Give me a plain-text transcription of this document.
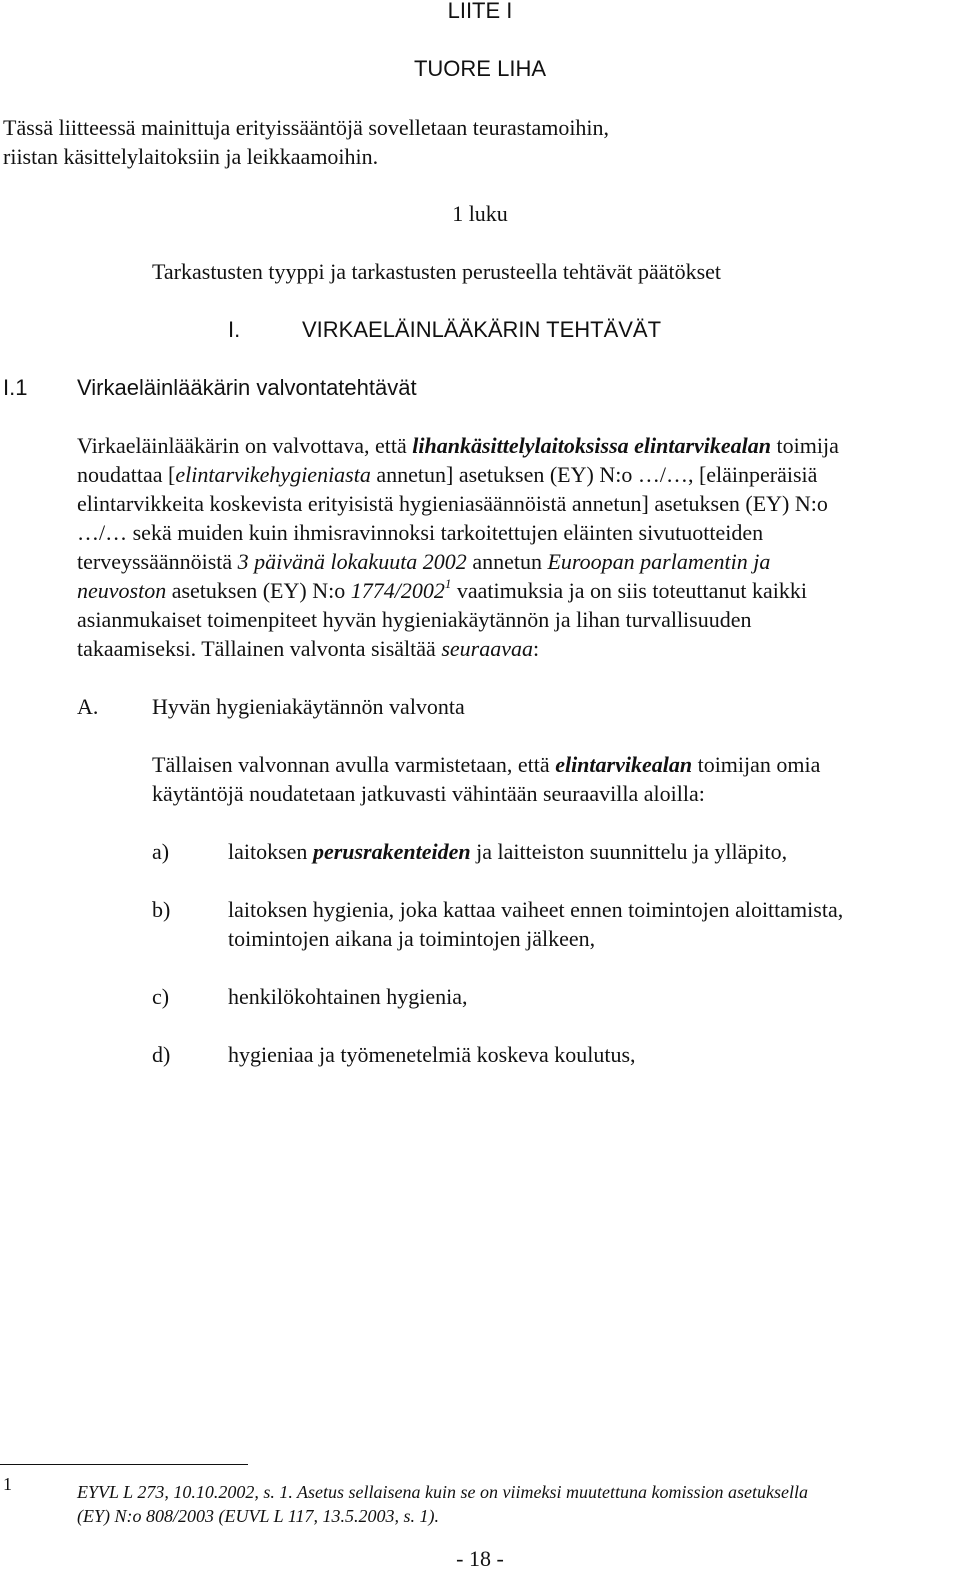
LIITE I
TUORE LIHA
Tässä liitteessä mainittuja erityissääntöjä sovelletaan teurastamoihin,
riistan käsittelylaitoksiin ja leikkaamoihin.
1 luku
Tarkastusten tyyppi ja tarkastusten perusteella tehtävät päätökset
I.	VIRKAELÄINLÄÄKÄRIN TEHTÄVÄT
I.1 Virkaeläinlääkärin valvontatehtävät
Virkaeläinlääkärin on valvottava, että lihankäsittelylaitoksissa elintarvikealan toimija
noudattaa [elintarvikehygieniasta annetun] asetuksen (EY) N:o …/…, [eläinperäisiä
elintarvikkeita koskevista erityisistä hygieniasäännöistä annetun] asetuksen (EY) N:o
…/… sekä muiden kuin ihmisravinnoksi tarkoitettujen eläinten sivutuotteiden
terveyssäännöistä 3 päivänä lokakuuta 2002 annetun Euroopan parlamentin ja
neuvoston asetuksen (EY) N:o 1774/2002$^1$ vaatimuksia ja on siis toteuttanut kaikki
asianmukaiset toimenpiteet hyvän hygieniakäytännön ja lihan turvallisuuden
takaamiseksi. Tällainen valvonta sisältää seuraavaa:
A. Hyvän hygieniakäytännön valvonta
Tällaisen valvonnan avulla varmistetaan, että elintarvikealan toimijan omia
käytäntöjä noudatetaan jatkuvasti vähintään seuraavilla aloilla:
a)	laitoksen perusrakenteiden ja laitteiston suunnittelu ja ylläpito,
b)	laitoksen hygienia, joka kattaa vaiheet ennen toimintojen aloittamista,
toimintojen aikana ja toimintojen jälkeen,
c)	henkilökohtainen hygienia,
d)	hygieniaa ja työmenetelmiä koskeva koulutus,
1	EYVL L 273, 10.10.2002, s. 1. Asetus sellaisena kuin se on viimeksi muutettuna komission asetuksella
(EY) N:o 808/2003 (EUVL L 117, 13.5.2003, s. 1).
- 18 -
